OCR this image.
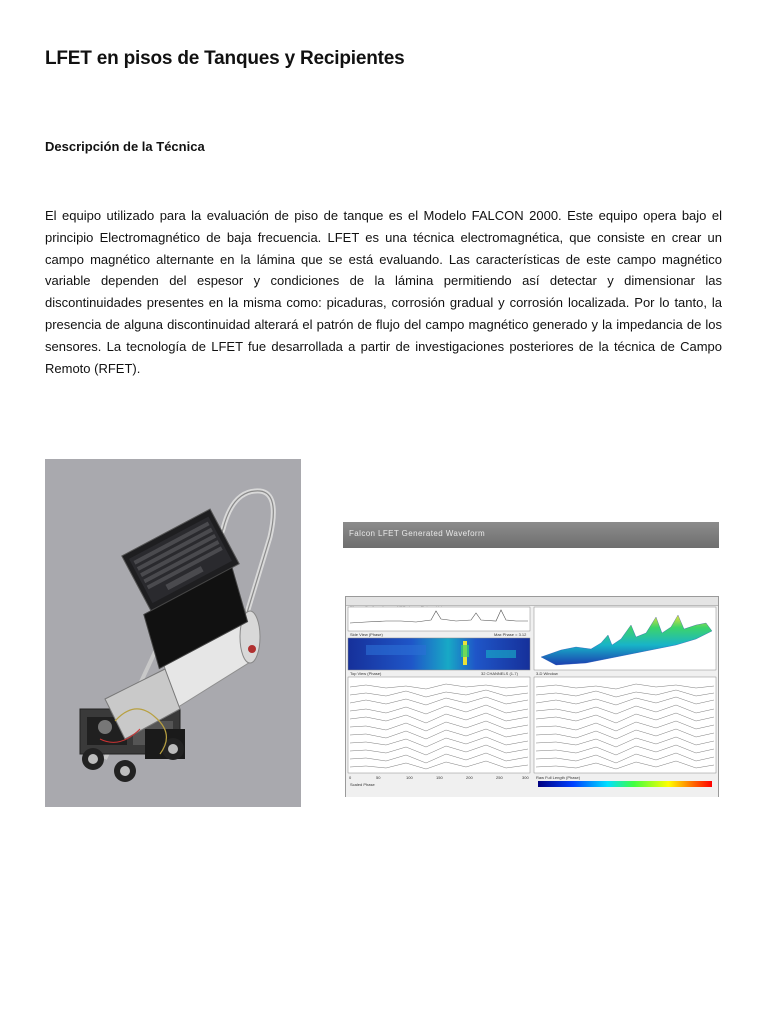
LFET en pisos de Tanques y Recipientes
Descripción de la Técnica
El equipo utilizado para la evaluación de piso de tanque es el Modelo FALCON 2000. Este equipo opera bajo el principio Electromagnético de baja frecuencia. LFET es una técnica electromagnética, que consiste en crear un campo magnético alternante en la lámina que se está evaluando. Las características de este campo magnético variable dependen del espesor y condiciones de la lámina permitiendo así detectar y dimensionar las discontinuidades presentes en la misma como: picaduras, corrosión gradual y corrosión localizada. Por lo tanto, la presencia de alguna discontinuidad alterará el patrón de flujo del campo magnético generado y la impedancia de los sensores. La tecnología de LFET fue desarrollada a partir de investigaciones posteriores de la técnica de Campo Remoto (RFET).
Falcon LFET Generated Waveform
Side View (Phase)	Max Phase = 3.12
Top View (Phase)	32 CHANNELS (1-7)
0	50	100	150	200	250	300
Scaled Phase
3-D Window
Raw Full Length (Phase)
